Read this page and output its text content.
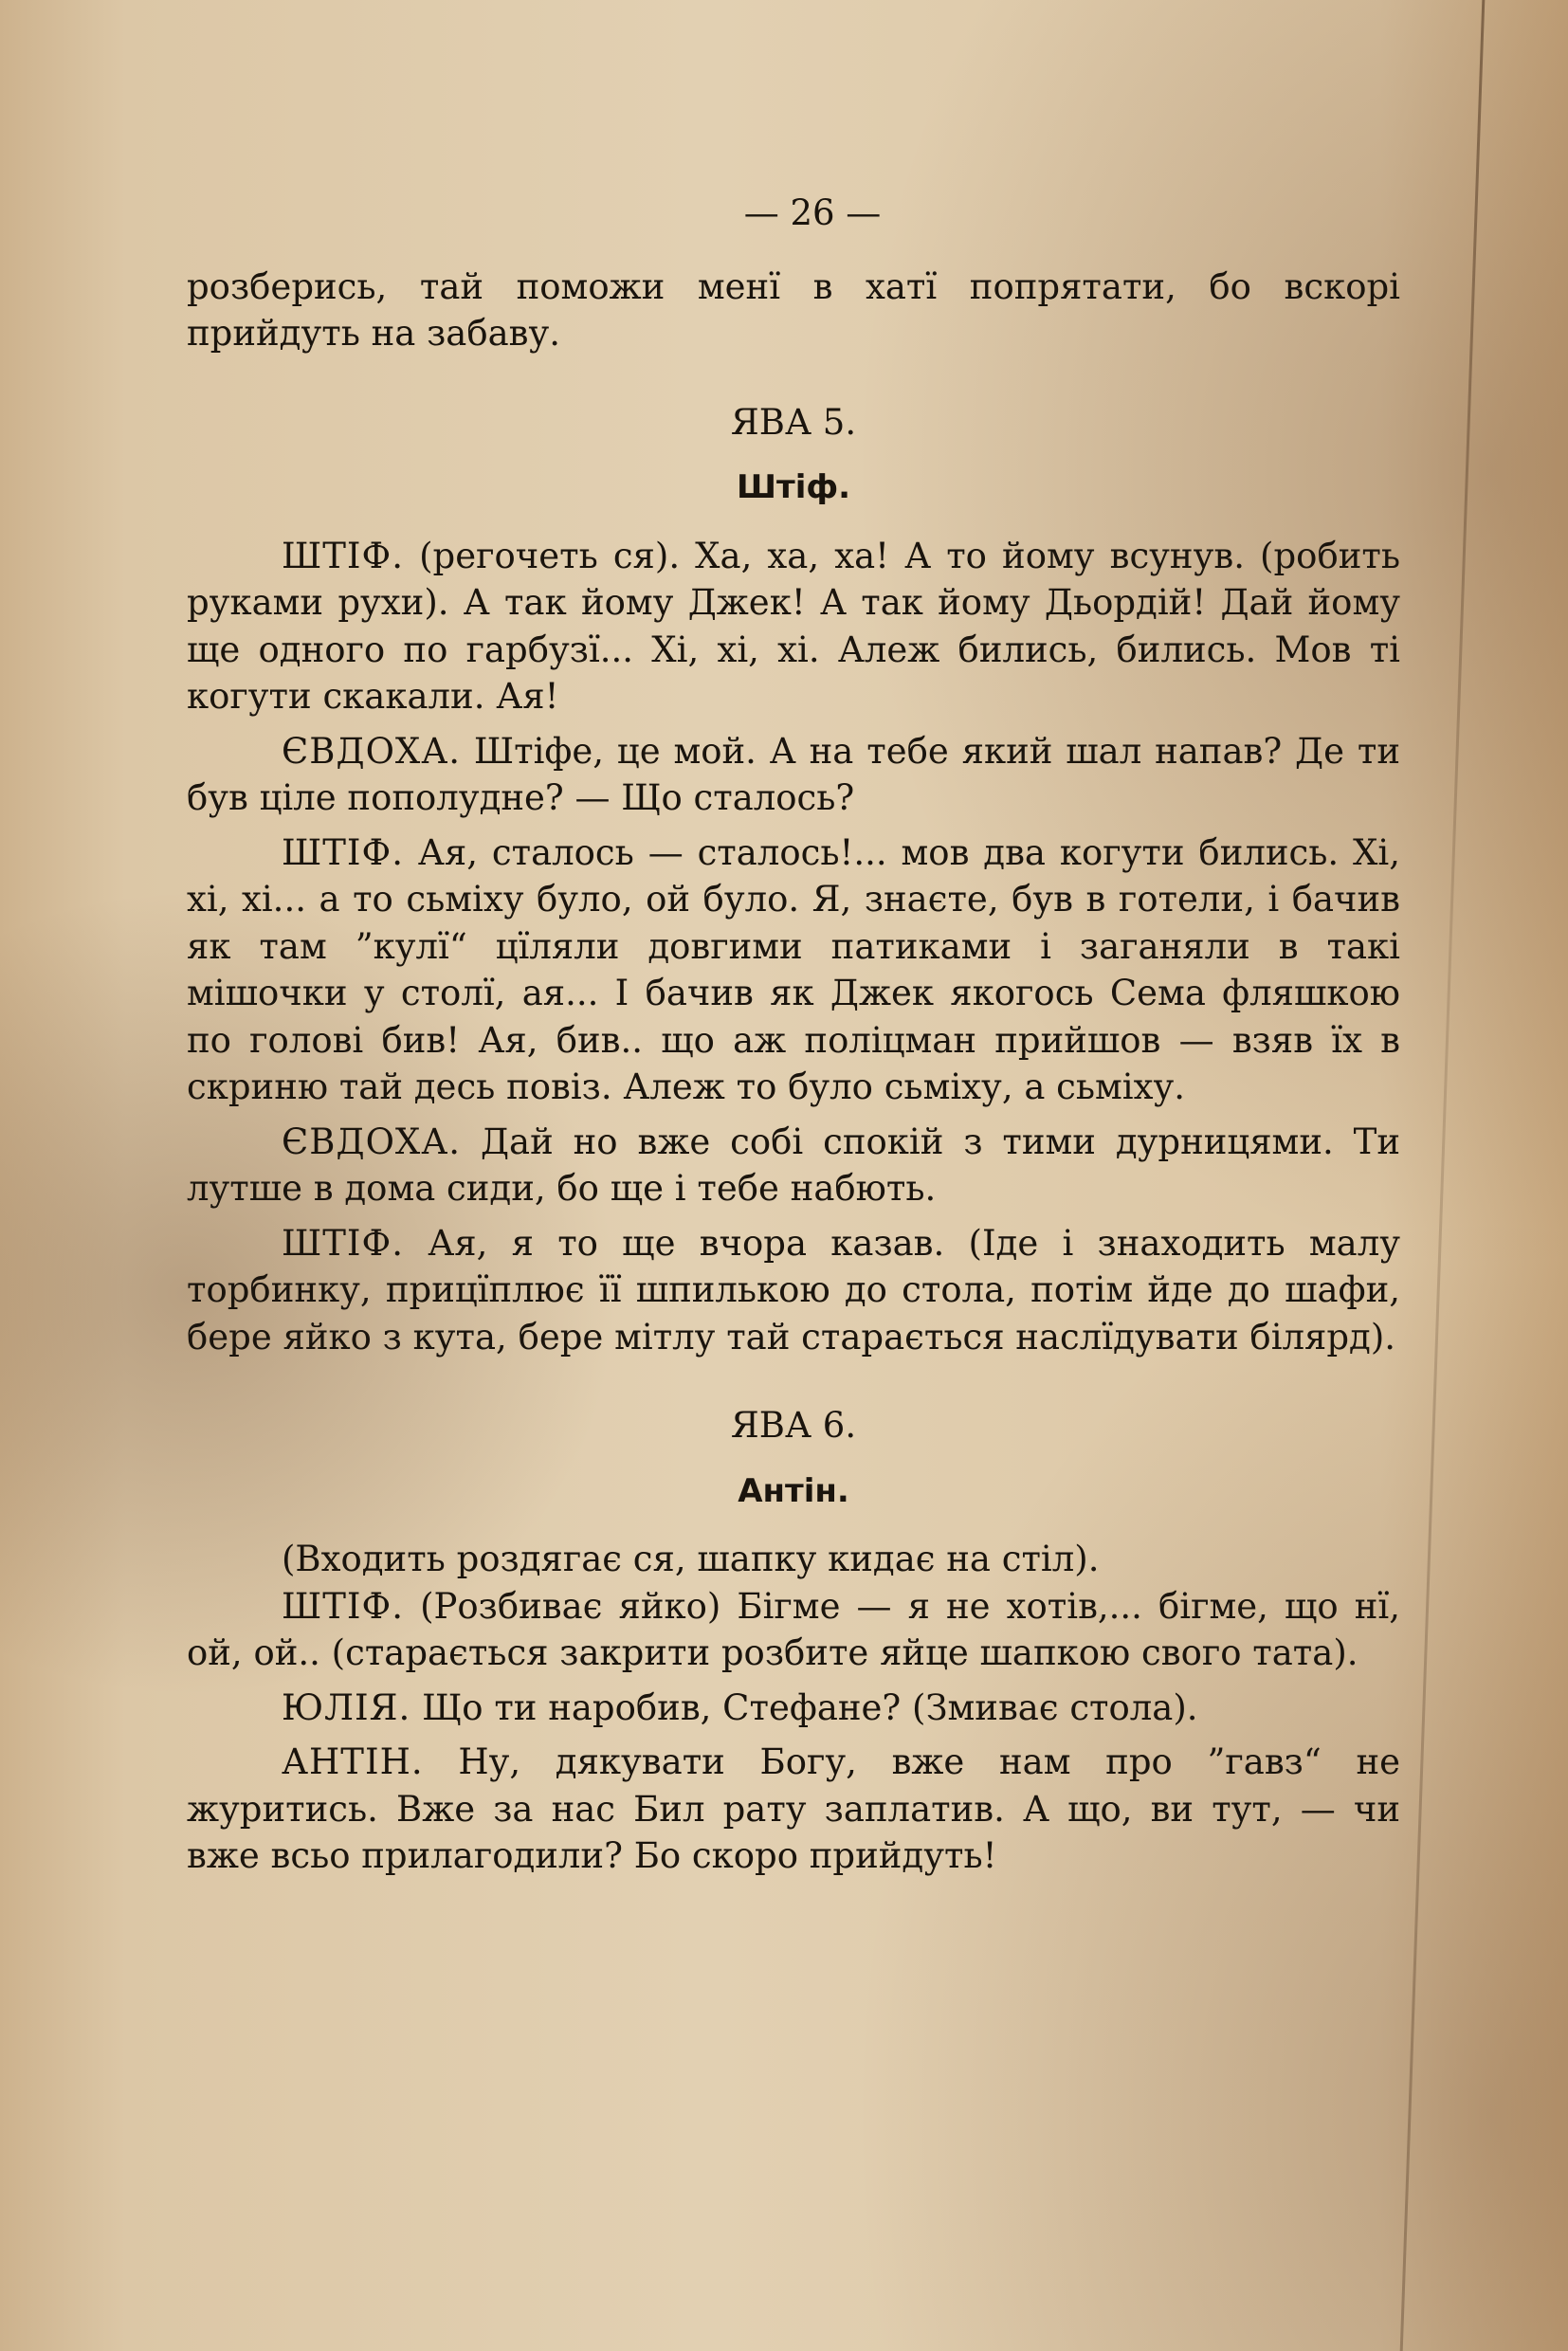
— 26 —

розберись, тай поможи менї в хатї попрятати, бо вскорі прийдуть на забаву.

ЯВА 5.
Штіф.

ШТІФ. (регочеть ся). Ха, ха, ха! А то йому всунув. (робить руками рухи). А так йому Джек! А так йому Дьордій! Дай йому ще одного по гарбузї... Хі, хі, хі. Алеж бились, бились. Мов ті когути скакали. Ая!

ЄВДОХА. Штіфе, це мой. А на тебе який шал напав? Де ти був ціле пополудне? — Що сталось?

ШТІФ. Ая, сталось — сталось!... мов два когути бились. Хі, хі, хі... а то сьміху було, ой було. Я, знаєте, був в готели, і бачив як там ”кулї“ цїляли довгими патиками і заганяли в такі мішочки у столї, ая... І бачив як Джек якогось Сема фляшкою по голові бив! Ая, бив.. що аж поліцман прийшов — взяв їх в скриню тай десь повіз. Алеж то було сьміху, а сьміху.

ЄВДОХА. Дай но вже собі спокій з тими дурницями. Ти лутше в дома сиди, бо ще і тебе набють.

ШТІФ. Ая, я то ще вчора казав. (Іде і знаходить малу торбинку, прицїплює її шпилькою до стола, потім йде до шафи, бере яйко з кута, бере мітлу тай старається наслїдувати білярд).

ЯВА 6.
Антін.

(Входить роздягає ся, шапку кидає на стіл).

ШТІФ. (Розбиває яйко) Бігме — я не хотів,... бігме, що нї, ой, ой.. (старається закрити розбите яйце шапкою свого тата).

ЮЛІЯ. Що ти наробив, Стефане? (Змиває стола).

АНТІН. Ну, дякувати Богу, вже нам про ”гавз“ не журитись. Вже за нас Бил рату заплатив. А що, ви тут, — чи вже всьо прилагодили? Бо скоро прийдуть!
